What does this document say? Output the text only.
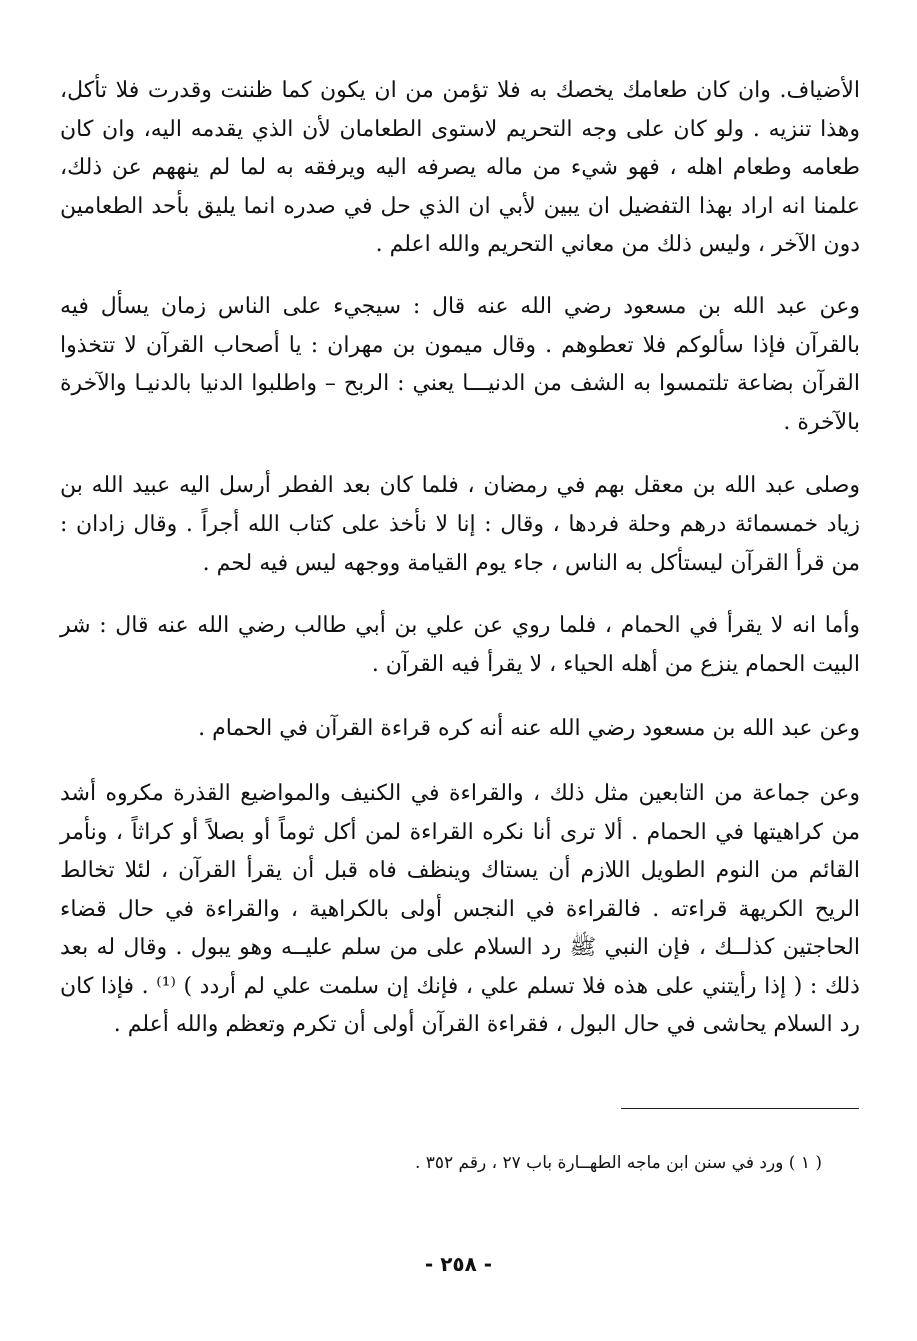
الأضياف. وان كان طعامك يخصك به فلا تؤمن من ان يكون كما ظننت وقدرت فلا تأكل، وهذا تنزيه . ولو كان على وجه التحريم لاستوى الطعامان لأن الذي يقدمه اليه، وان كان طعامه وطعام اهله ، فهو شيء من ماله يصرفه اليه ويرفقه به لما لم ينههم عن ذلك، علمنا انه اراد بهذا التفضيل ان يبين لأبي ان الذي حل في صدره انما يليق بأحد الطعامين دون الآخر ، وليس ذلك من معاني التحريم والله اعلم .

وعن عبد الله بن مسعود رضي الله عنه قال : سيجيء على الناس زمان يسأل فيه بالقرآن فإذا سألوكم فلا تعطوهم . وقال ميمون بن مهران : يا أصحاب القرآن لا تتخذوا القرآن بضاعة تلتمسوا به الشف من الدنيـــا يعني : الربح – واطلبوا الدنيا بالدنيـا والآخرة بالآخرة .

وصلى عبد الله بن معقل بهم في رمضان ، فلما كان بعد الفطر أرسل اليه عبيد الله بن زياد خمسمائة درهم وحلة فردها ، وقال : إنا لا نأخذ على كتاب الله أجراً . وقال زادان : من قرأ القرآن ليستأكل به الناس ، جاء يوم القيامة ووجهه ليس فيه لحم .

وأما انه لا يقرأ في الحمام ، فلما روي عن علي بن أبي طالب رضي الله عنه قال : شر البيت الحمام ينزع من أهله الحياء ، لا يقرأ فيه القرآن .

وعن عبد الله بن مسعود رضي الله عنه أنه كره قراءة القرآن في الحمام .

وعن جماعة من التابعين مثل ذلك ، والقراءة في الكنيف والمواضيع القذرة مكروه أشد من كراهيتها في الحمام . ألا ترى أنا نكره القراءة لمن أكل ثوماً أو بصلاً أو كراثاً ، ونأمر القائم من النوم الطويل اللازم أن يستاك وينظف فاه قبل أن يقرأ القرآن ، لئلا تخالط الريح الكريهة قراءته . فالقراءة في النجس أولى بالكراهية ، والقراءة في حال قضاء الحاجتين كذلــك ، فإن النبي ﷺ رد السلام على من سلم عليــه وهو يبول . وقال له بعد ذلك : ( إذا رأيتني على هذه فلا تسلم علي ، فإنك إن سلمت علي لم أردد ) ⁽¹⁾ . فإذا كان رد السلام يحاشى في حال البول ، فقراءة القرآن أولى أن تكرم وتعظم والله أعلم .

( ١ ) ورد في سنن ابن ماجه الطهــارة باب ٢٧ ، رقم ٣٥٢ .
- ٢٥٨ -
